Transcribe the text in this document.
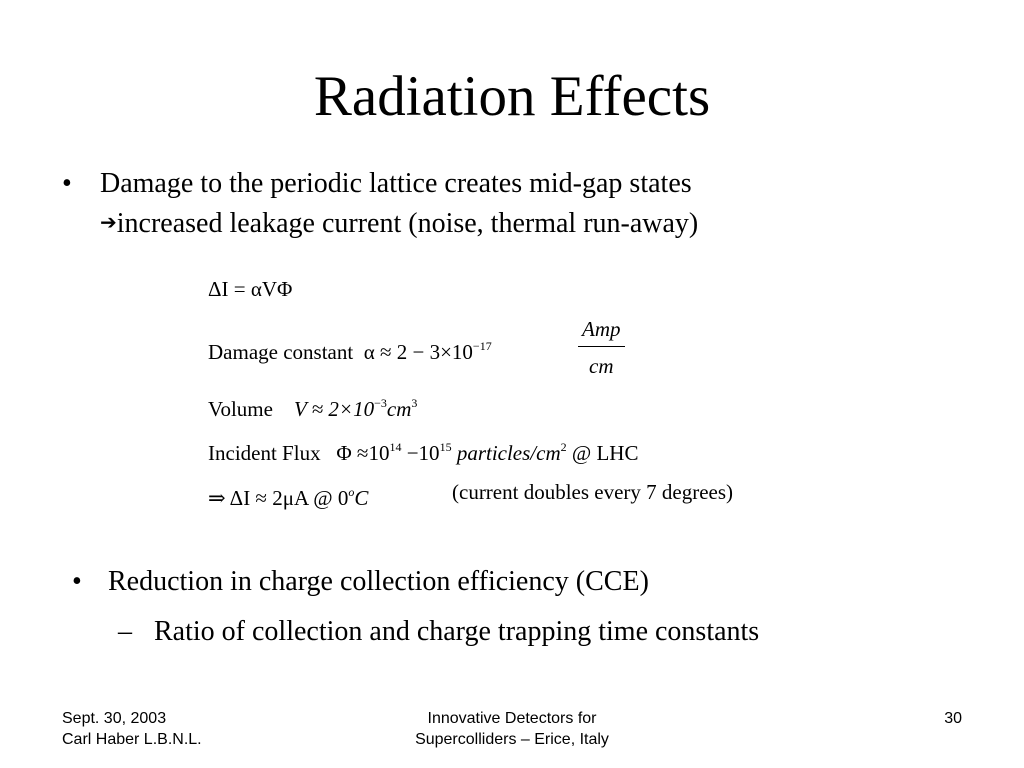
Radiation Effects
• Damage to the periodic lattice creates mid-gap states
➔increased leakage current (noise, thermal run-away)
ΔI = αVΦ
Damage constant $\alpha \approx 2 - 3\times 10^{-17}$
Amp
cm
Volume $V \approx 2\times 10^{-3}cm^3$
Incident Flux $\Phi \approx 10^{14} -10^{15}$ particles/$cm^2$ @ LHC
⇒ ΔI ≈ 2μA @ 0$^o$C	(current doubles every 7 degrees)
• Reduction in charge collection efficiency (CCE)
– Ratio of collection and charge trapping time constants
Sept. 30, 2003
Carl Haber L.B.N.L.
Innovative Detectors for
Supercolliders – Erice, Italy
30
